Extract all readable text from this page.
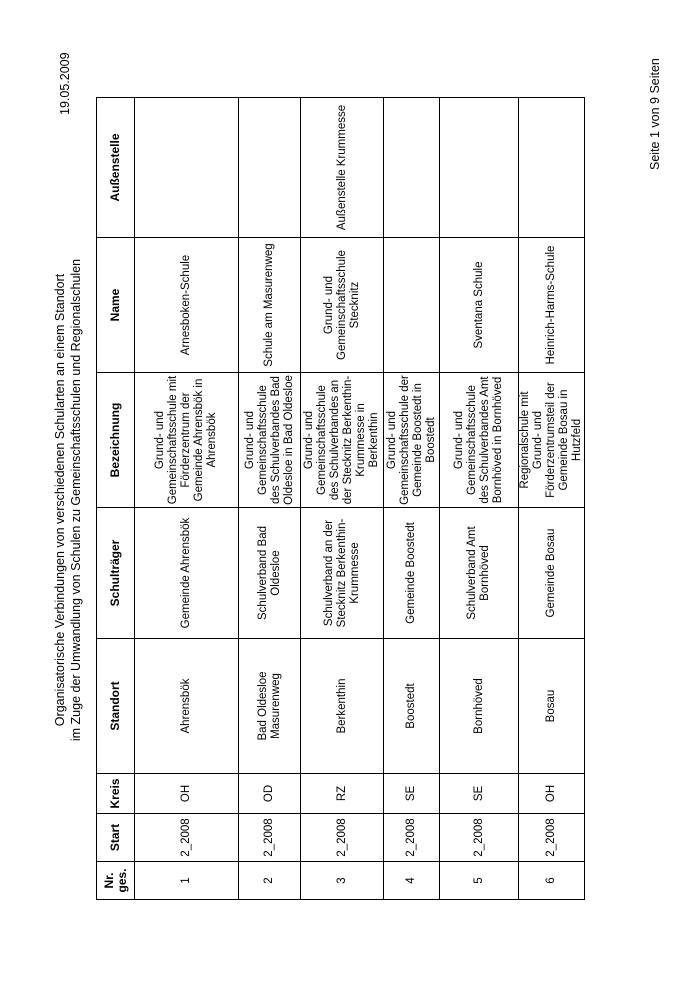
Organisatorische Verbindungen von verschiedenen Schularten an einem Standort im Zuge der Umwandlung von Schulen zu Gemeinschaftsschulen und Regionalschulen
19.05.2009
Nr. ges.	Start	Kreis	Standort	Schulträger	Bezeichnung	Name	Außenstelle
1	2_2008	OH	Ahrensbök	Gemeinde Ahrensbök	Grund- und Gemeinschaftsschule mit Förderzentrum der Gemeinde Ahrensbök in Ahrensbök	Arnesboken-Schule	
2	2_2008	OD	Bad Oldesloe Masurenweg	Schulverband Bad Oldesloe	Grund- und Gemeinschaftsschule des Schulverbandes Bad Oldesloe in Bad Oldesloe	Schule am Masurenweg	
3	2_2008	RZ	Berkenthin	Schulverband an der Stecknitz Berkenthin-Krummesse	Grund- und Gemeinschaftsschule des Schulverbandes an der Stecknitz Berkenthin-Krummesse in Berkenthin	Grund- und Gemeinschaftsschule Stecknitz	Außenstelle Krummesse
4	2_2008	SE	Boostedt	Gemeinde Boostedt	Grund- und Gemeinschaftsschule der Gemeinde Boostedt in Boostedt		
5	2_2008	SE	Bornhöved	Schulverband Amt Bornhöved	Grund- und Gemeinschaftsschule des Schulverbandes Amt Bornhöved in Bornhöved	Sventana Schule	
6	2_2008	OH	Bosau	Gemeinde Bosau	Regionalschule mit Grund- und Förderzentrumsteil der Gemeinde Bosau in Hutzfeld	Heinrich-Harms-Schule	
Seite 1 von 9 Seiten
